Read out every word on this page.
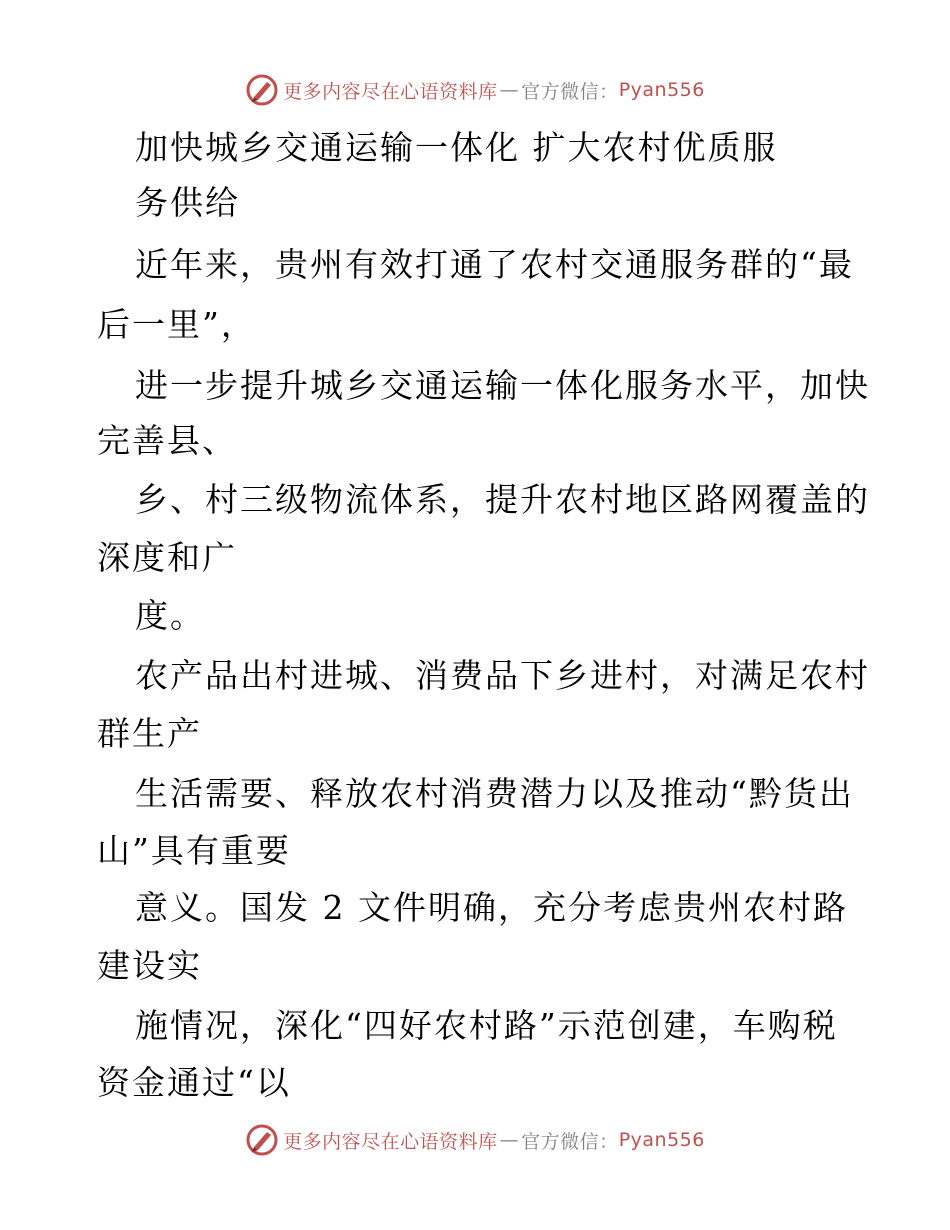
更多内容尽在心语资料库 — 官方微信： Pyan556
加快城乡交通运输一体化 扩大农村优质服
务供给
近年来，贵州有效打通了农村交通服务群的“最
后一里”，
进一步提升城乡交通运输一体化服务水平，加快
完善县、
乡、村三级物流体系，提升农村地区路网覆盖的
深度和广
度。
农产品出村进城、消费品下乡进村，对满足农村
群生产
生活需要、释放农村消费潜力以及推动“黔货出
山”具有重要
意义。国发 2 文件明确，充分考虑贵州农村路
建设实
施情况，深化“四好农村路”示范创建，车购税
资金通过“以
更多内容尽在心语资料库 — 官方微信： Pyan556
